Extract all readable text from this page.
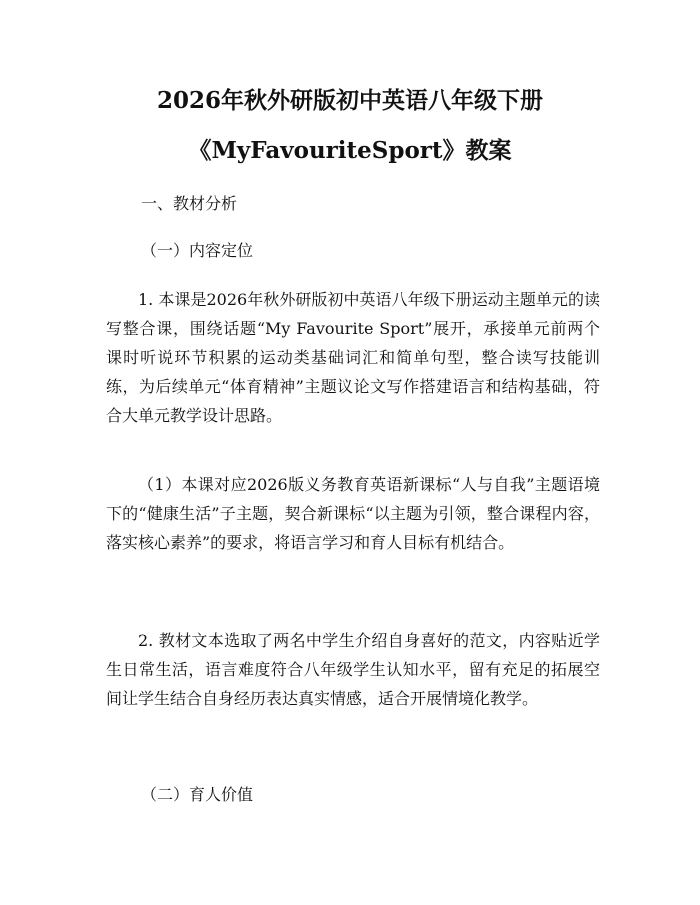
2026年秋外研版初中英语八年级下册
《MyFavouriteSport》教案
一、教材分析
（一）内容定位

1. 本课是2026年秋外研版初中英语八年级下册运动主题单元的读写整合课，围绕话题“My Favourite Sport”展开，承接单元前两个课时听说环节积累的运动类基础词汇和简单句型，整合读写技能训练，为后续单元“体育精神”主题议论文写作搭建语言和结构基础，符合大单元教学设计思路。

（1）本课对应2026版义务教育英语新课标“人与自我”主题语境下的“健康生活”子主题，契合新课标“以主题为引领，整合课程内容，落实核心素养”的要求，将语言学习和育人目标有机结合。

2. 教材文本选取了两名中学生介绍自身喜好的范文，内容贴近学生日常生活，语言难度符合八年级学生认知水平，留有充足的拓展空间让学生结合自身经历表达真实情感，适合开展情境化教学。

（二）育人价值
